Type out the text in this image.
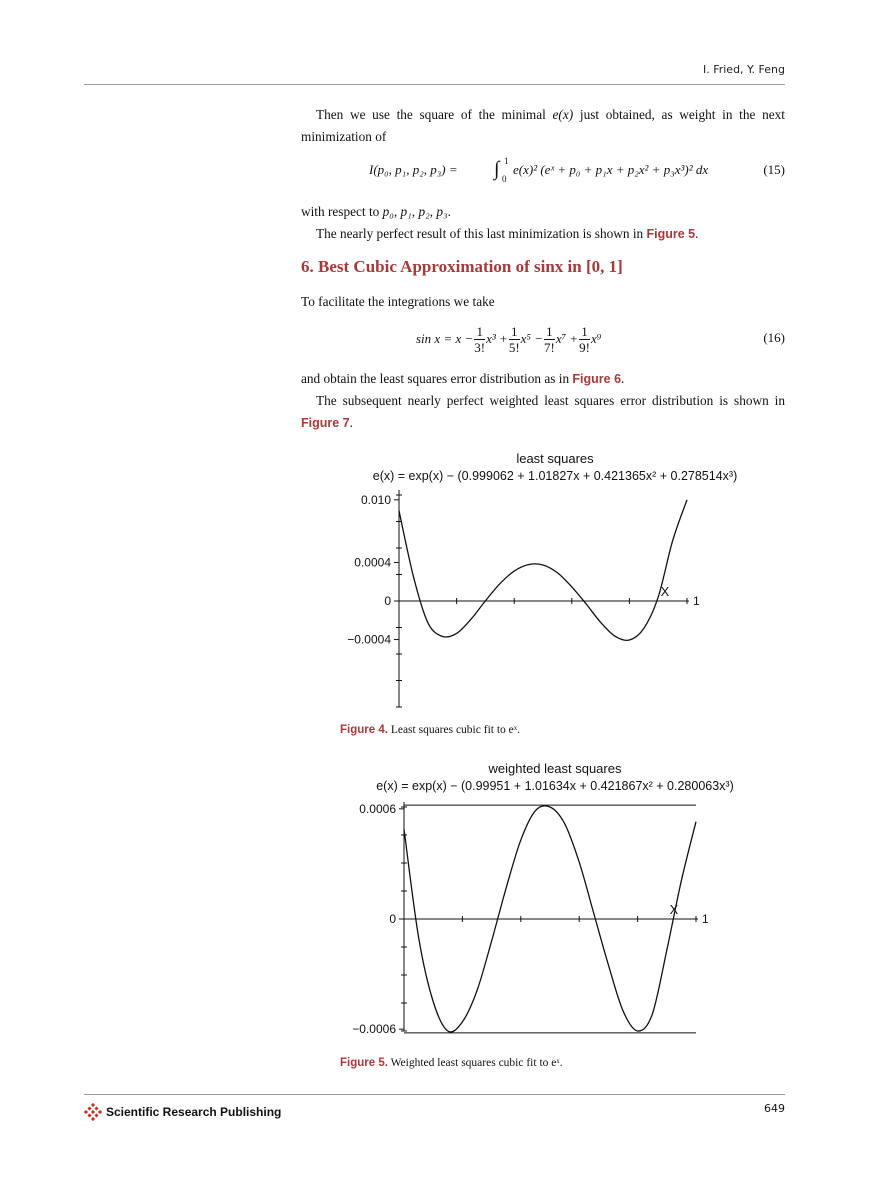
I. Fried, Y. Feng
Then we use the square of the minimal e(x) just obtained, as weight in the next minimization of
I(p₀, p₁, p₂, p₃) = ∫ 1
0
e(x)² (eˣ + p₀ + p₁x + p₂x² + p₃x³)² dx	(15)
with respect to p₀, p₁, p₂, p₃.
The nearly perfect result of this last minimization is shown in Figure 5.
6. Best Cubic Approximation of sinx in [0, 1]
To facilitate the integrations we take
$\sin x = x - \frac{1}{3!} x^3 + \frac{1}{5!} x^5 - \frac{1}{7!} x^7 + \frac{1}{9!} x^9$	(16)
and obtain the least squares error distribution as in Figure 6.
The subsequent nearly perfect weighted least squares error distribution is shown in Figure 7.
least squares
e(x) = exp(x) − (0.999062 + 1.01827x + 0.421365x² + 0.278514x³)
0.010
0.0004
0
−0.0004
1
X
Figure 4. Least squares cubic fit to eˣ.
weighted least squares
e(x) = exp(x) − (0.99951 + 1.01634x + 0.421867x² + 0.280063x³)
0.0006
0
−0.0006
1
X
Figure 5. Weighted least squares cubic fit to eˣ.
Scientific Research Publishing	649
